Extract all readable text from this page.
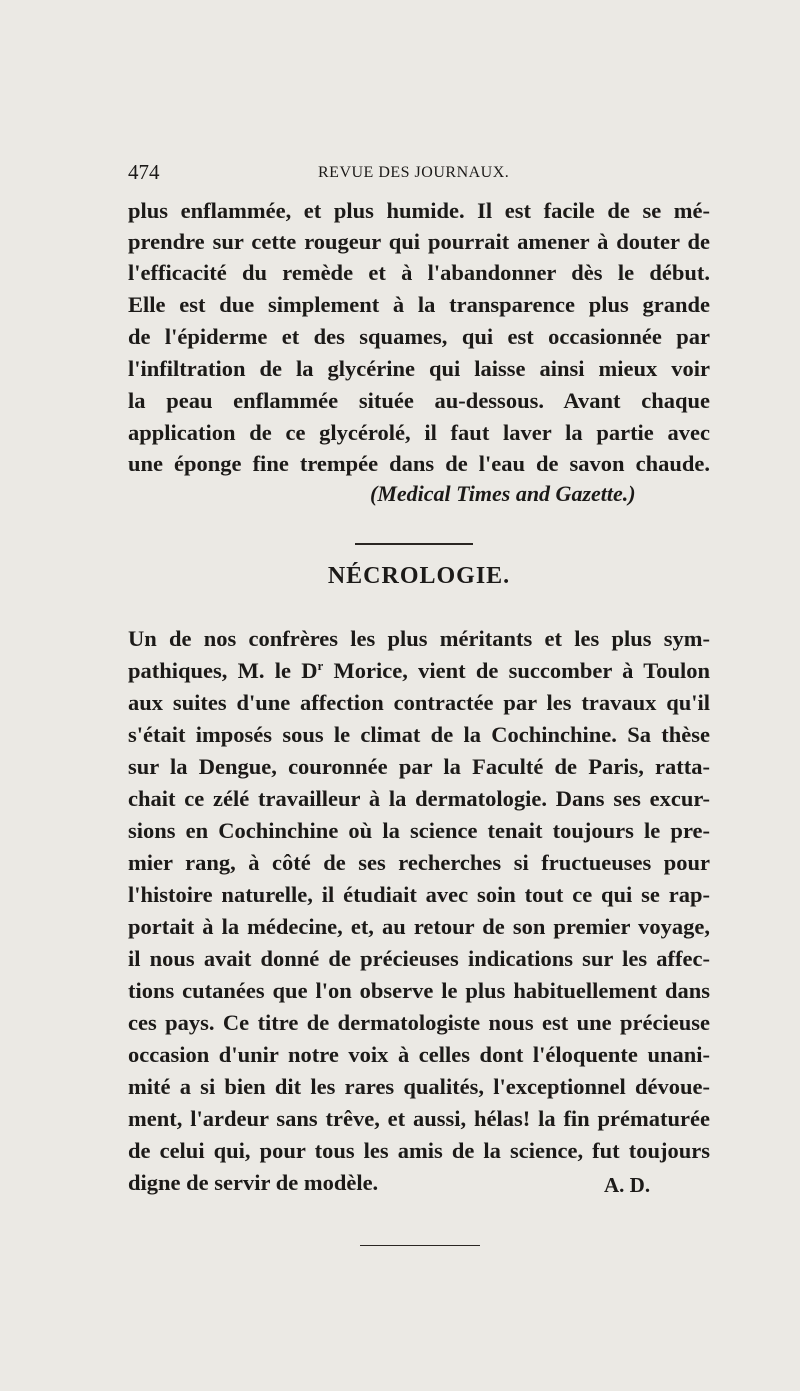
474	REVUE DES JOURNAUX.
plus enflammée, et plus humide. Il est facile de se mé-
prendre sur cette rougeur qui pourrait amener à douter de
l'efficacité du remède et à l'abandonner dès le début.
Elle est due simplement à la transparence plus grande
de l'épiderme et des squames, qui est occasionnée par
l'infiltration de la glycérine qui laisse ainsi mieux voir
la peau enflammée située au-dessous. Avant chaque
application de ce glycérolé, il faut laver la partie avec
une éponge fine trempée dans de l'eau de savon chaude.
(Medical Times and Gazette.)
NÉCROLOGIE.
Un de nos confrères les plus méritants et les plus sym-
pathiques, M. le $D^r$ Morice, vient de succomber à Toulon
aux suites d'une affection contractée par les travaux qu'il
s'était imposés sous le climat de la Cochinchine. Sa thèse
sur la Dengue, couronnée par la Faculté de Paris, ratta-
chait ce zélé travailleur à la dermatologie. Dans ses excur-
sions en Cochinchine où la science tenait toujours le pre-
mier rang, à côté de ses recherches si fructueuses pour
l'histoire naturelle, il étudiait avec soin tout ce qui se rap-
portait à la médecine, et, au retour de son premier voyage,
il nous avait donné de précieuses indications sur les affec-
tions cutanées que l'on observe le plus habituellement dans
ces pays. Ce titre de dermatologiste nous est une précieuse
occasion d'unir notre voix à celles dont l'éloquente unani-
mité a si bien dit les rares qualités, l'exceptionnel dévoue-
ment, l'ardeur sans trêve, et aussi, hélas! la fin prématurée
de celui qui, pour tous les amis de la science, fut toujours
digne de servir de modèle.	A. D.
